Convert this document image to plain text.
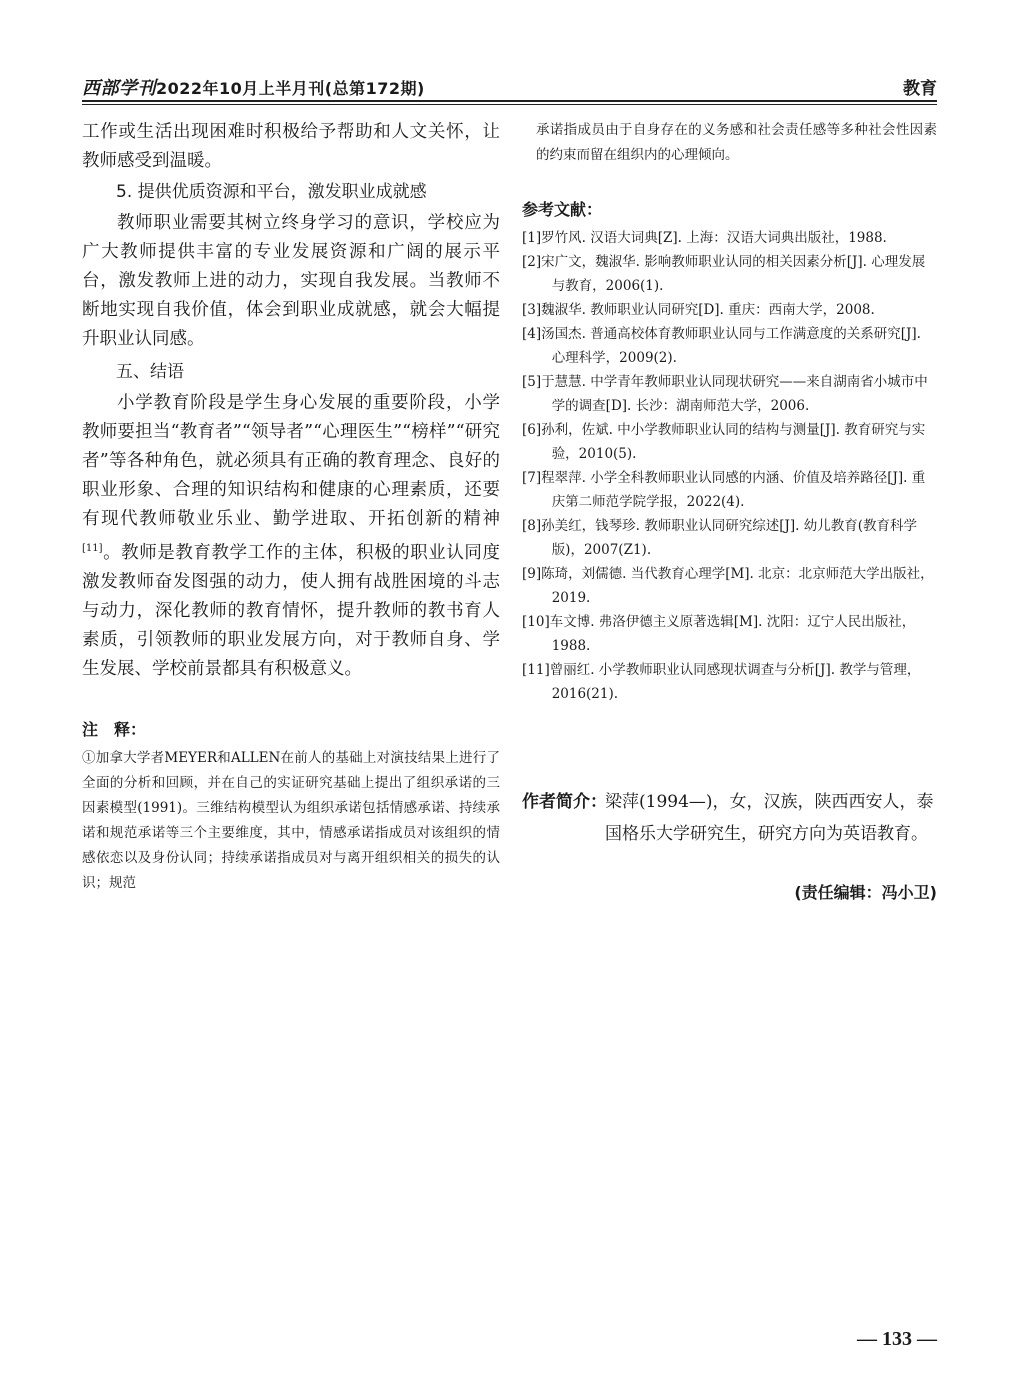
西部学刊2022年10月上半月刊(总第172期)	教育

工作或生活出现困难时积极给予帮助和人文关怀，让教师感受到温暖。

5. 提供优质资源和平台，激发职业成就感

教师职业需要其树立终身学习的意识，学校应为广大教师提供丰富的专业发展资源和广阔的展示平台，激发教师上进的动力，实现自我发展。当教师不断地实现自我价值，体会到职业成就感，就会大幅提升职业认同感。

五、结语

小学教育阶段是学生身心发展的重要阶段，小学教师要担当“教育者”“领导者”“心理医生”“榜样”“研究者”等各种角色，就必须具有正确的教育理念、良好的职业形象、合理的知识结构和健康的心理素质，还要有现代教师敬业乐业、勤学进取、开拓创新的精神[11]。教师是教育教学工作的主体，积极的职业认同度激发教师奋发图强的动力，使人拥有战胜困境的斗志与动力，深化教师的教育情怀，提升教师的教书育人素质，引领教师的职业发展方向，对于教师自身、学生发展、学校前景都具有积极意义。

注　释：

①加拿大学者MEYER和ALLEN在前人的基础上对演技结果上进行了全面的分析和回顾，并在自己的实证研究基础上提出了组织承诺的三因素模型(1991)。三维结构模型认为组织承诺包括情感承诺、持续承诺和规范承诺等三个主要维度，其中，情感承诺指成员对该组织的情感依恋以及身份认同；持续承诺指成员对与离开组织相关的损失的认识；规范

承诺指成员由于自身存在的义务感和社会责任感等多种社会性因素的约束而留在组织内的心理倾向。

参考文献：

[1]罗竹风. 汉语大词典[Z]. 上海：汉语大词典出版社，1988.

[2]宋广文，魏淑华. 影响教师职业认同的相关因素分析[J]. 心理发展与教育，2006(1).

[3]魏淑华. 教师职业认同研究[D]. 重庆：西南大学，2008.

[4]汤国杰. 普通高校体育教师职业认同与工作满意度的关系研究[J]. 心理科学，2009(2).

[5]于慧慧. 中学青年教师职业认同现状研究——来自湖南省小城市中学的调查[D]. 长沙：湖南师范大学，2006.

[6]孙利，佐斌. 中小学教师职业认同的结构与测量[J]. 教育研究与实验，2010(5).

[7]程翠萍. 小学全科教师职业认同感的内涵、价值及培养路径[J]. 重庆第二师范学院学报，2022(4).

[8]孙美红，钱琴珍. 教师职业认同研究综述[J]. 幼儿教育(教育科学版)，2007(Z1).

[9]陈琦，刘儒德. 当代教育心理学[M]. 北京：北京师范大学出版社，2019.

[10]车文博. 弗洛伊德主义原著选辑[M]. 沈阳：辽宁人民出版社，1988.

[11]曾丽红. 小学教师职业认同感现状调查与分析[J]. 教学与管理，2016(21).

作者简介：
梁萍(1994—)，女，汉族，陕西西安人，泰国格乐大学研究生，研究方向为英语教育。
(责任编辑：冯小卫)
— 133 —
